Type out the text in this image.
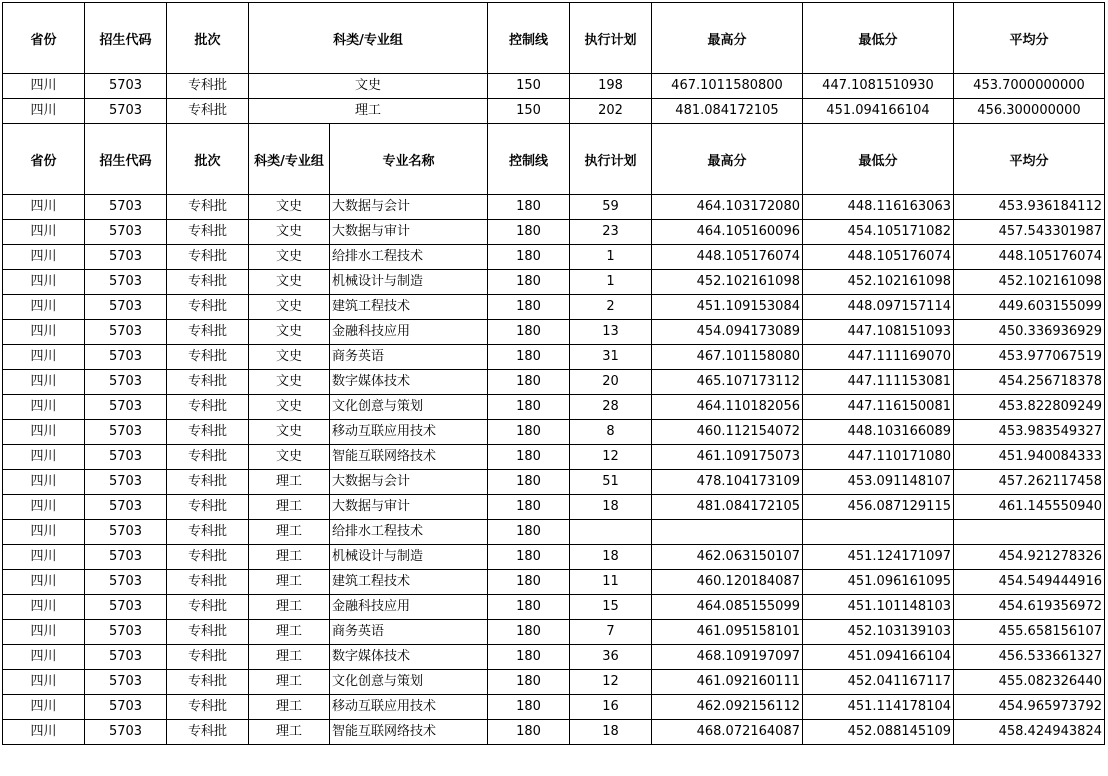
省份	招生代码	批次	科类/专业组		控制线	执行计划	最高分	最低分	平均分
四川	5703	专科批	文史		150	198	467.1011580800	447.1081510930	453.7000000000
四川	5703	专科批	理工		150	202	481.084172105	451.094166104	456.300000000
省份	招生代码	批次	科类/专业组	专业名称	控制线	执行计划	最高分	最低分	平均分
四川	5703	专科批	文史	大数据与会计	180	59	464.103172080	448.116163063	453.936184112
四川	5703	专科批	文史	大数据与审计	180	23	464.105160096	454.105171082	457.543301987
四川	5703	专科批	文史	给排水工程技术	180	1	448.105176074	448.105176074	448.105176074
四川	5703	专科批	文史	机械设计与制造	180	1	452.102161098	452.102161098	452.102161098
四川	5703	专科批	文史	建筑工程技术	180	2	451.109153084	448.097157114	449.603155099
四川	5703	专科批	文史	金融科技应用	180	13	454.094173089	447.108151093	450.336936929
四川	5703	专科批	文史	商务英语	180	31	467.101158080	447.111169070	453.977067519
四川	5703	专科批	文史	数字媒体技术	180	20	465.107173112	447.111153081	454.256718378
四川	5703	专科批	文史	文化创意与策划	180	28	464.110182056	447.116150081	453.822809249
四川	5703	专科批	文史	移动互联应用技术	180	8	460.112154072	448.103166089	453.983549327
四川	5703	专科批	文史	智能互联网络技术	180	12	461.109175073	447.110171080	451.940084333
四川	5703	专科批	理工	大数据与会计	180	51	478.104173109	453.091148107	457.262117458
四川	5703	专科批	理工	大数据与审计	180	18	481.084172105	456.087129115	461.145550940
四川	5703	专科批	理工	给排水工程技术	180				
四川	5703	专科批	理工	机械设计与制造	180	18	462.063150107	451.124171097	454.921278326
四川	5703	专科批	理工	建筑工程技术	180	11	460.120184087	451.096161095	454.549444916
四川	5703	专科批	理工	金融科技应用	180	15	464.085155099	451.101148103	454.619356972
四川	5703	专科批	理工	商务英语	180	7	461.095158101	452.103139103	455.658156107
四川	5703	专科批	理工	数字媒体技术	180	36	468.109197097	451.094166104	456.533661327
四川	5703	专科批	理工	文化创意与策划	180	12	461.092160111	452.041167117	455.082326440
四川	5703	专科批	理工	移动互联应用技术	180	16	462.092156112	451.114178104	454.965973792
四川	5703	专科批	理工	智能互联网络技术	180	18	468.072164087	452.088145109	458.424943824
